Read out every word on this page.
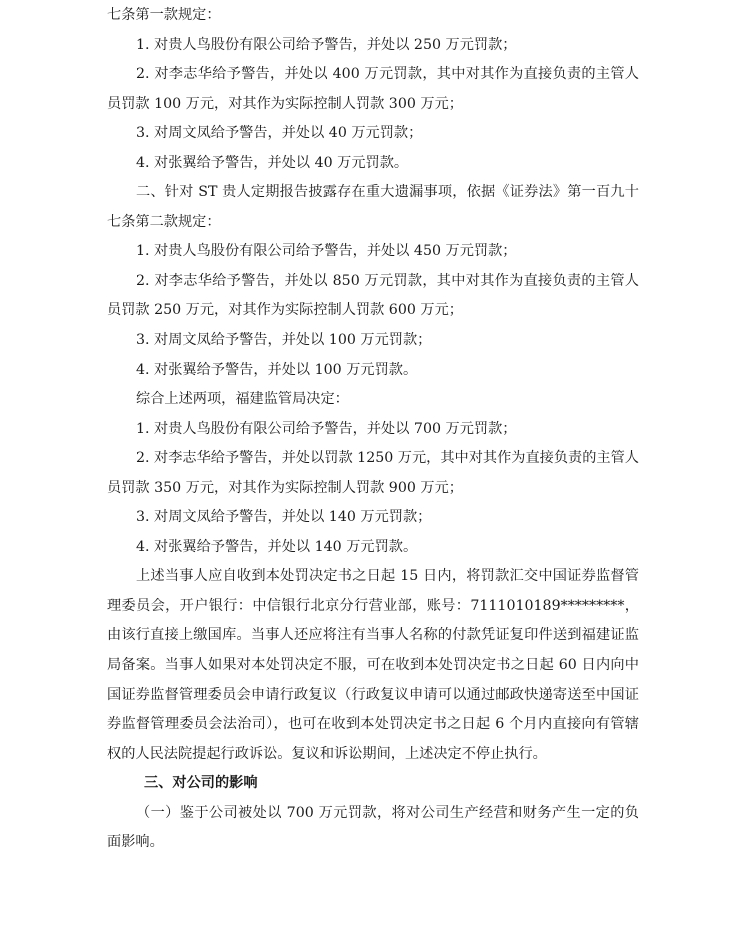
七条第一款规定：

1. 对贵人鸟股份有限公司给予警告，并处以 250 万元罚款；

2. 对李志华给予警告，并处以 400 万元罚款，其中对其作为直接负责的主管人员罚款 100 万元，对其作为实际控制人罚款 300 万元；

3. 对周文凤给予警告，并处以 40 万元罚款；

4. 对张翼给予警告，并处以 40 万元罚款。

二、针对 ST 贵人定期报告披露存在重大遗漏事项，依据《证券法》第一百九十七条第二款规定：

1. 对贵人鸟股份有限公司给予警告，并处以 450 万元罚款；

2. 对李志华给予警告，并处以 850 万元罚款，其中对其作为直接负责的主管人员罚款 250 万元，对其作为实际控制人罚款 600 万元；

3. 对周文凤给予警告，并处以 100 万元罚款；

4. 对张翼给予警告，并处以 100 万元罚款。

综合上述两项，福建监管局决定：

1. 对贵人鸟股份有限公司给予警告，并处以 700 万元罚款；

2. 对李志华给予警告，并处以罚款 1250 万元，其中对其作为直接负责的主管人员罚款 350 万元，对其作为实际控制人罚款 900 万元；

3. 对周文凤给予警告，并处以 140 万元罚款；

4. 对张翼给予警告，并处以 140 万元罚款。

上述当事人应自收到本处罚决定书之日起 15 日内，将罚款汇交中国证券监督管理委员会，开户银行：中信银行北京分行营业部，账号：7111010189*********，由该行直接上缴国库。当事人还应将注有当事人名称的付款凭证复印件送到福建证监局备案。当事人如果对本处罚决定不服，可在收到本处罚决定书之日起 60 日内向中国证券监督管理委员会申请行政复议（行政复议申请可以通过邮政快递寄送至中国证券监督管理委员会法治司），也可在收到本处罚决定书之日起 6 个月内直接向有管辖权的人民法院提起行政诉讼。复议和诉讼期间，上述决定不停止执行。

三、对公司的影响

（一）鉴于公司被处以 700 万元罚款，将对公司生产经营和财务产生一定的负面影响。
